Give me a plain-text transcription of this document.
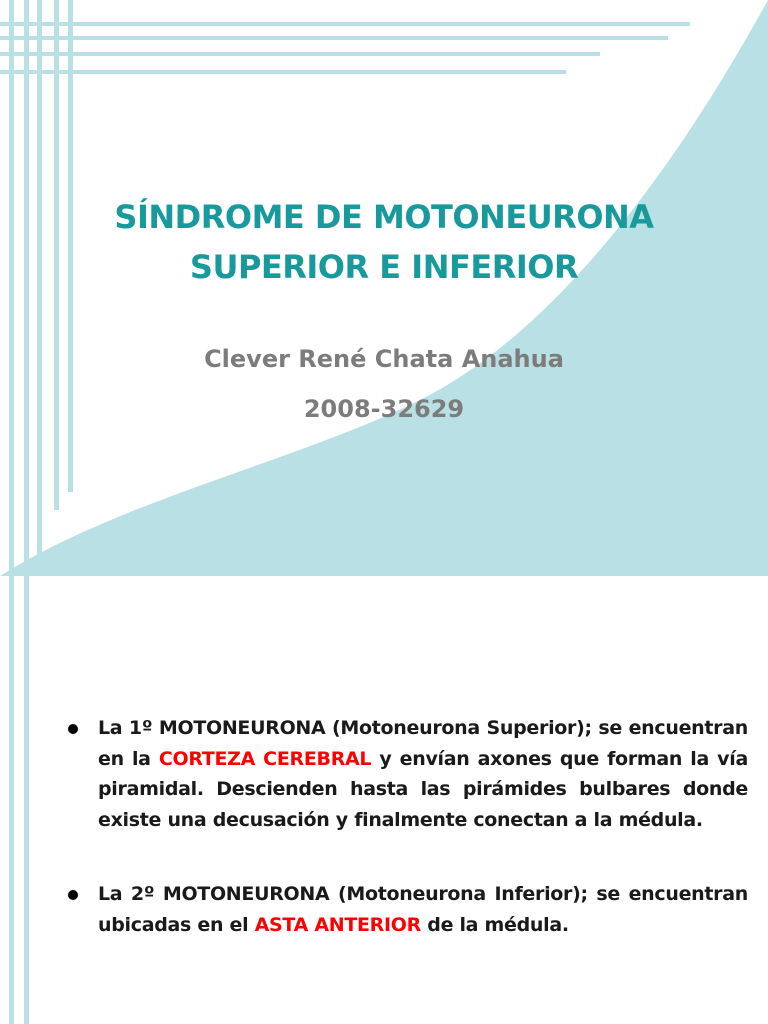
SÍNDROME DE MOTONEURONA
SUPERIOR E INFERIOR
Clever René Chata Anahua
2008-32629
La 1º MOTONEURONA (Motoneurona Superior); se encuentran en la CORTEZA CEREBRAL y envían axones que forman la vía piramidal. Descienden hasta las pirámides bulbares donde existe una decusación y finalmente conectan a la médula.
La 2º MOTONEURONA (Motoneurona Inferior); se encuentran ubicadas en el ASTA ANTERIOR de la médula.
